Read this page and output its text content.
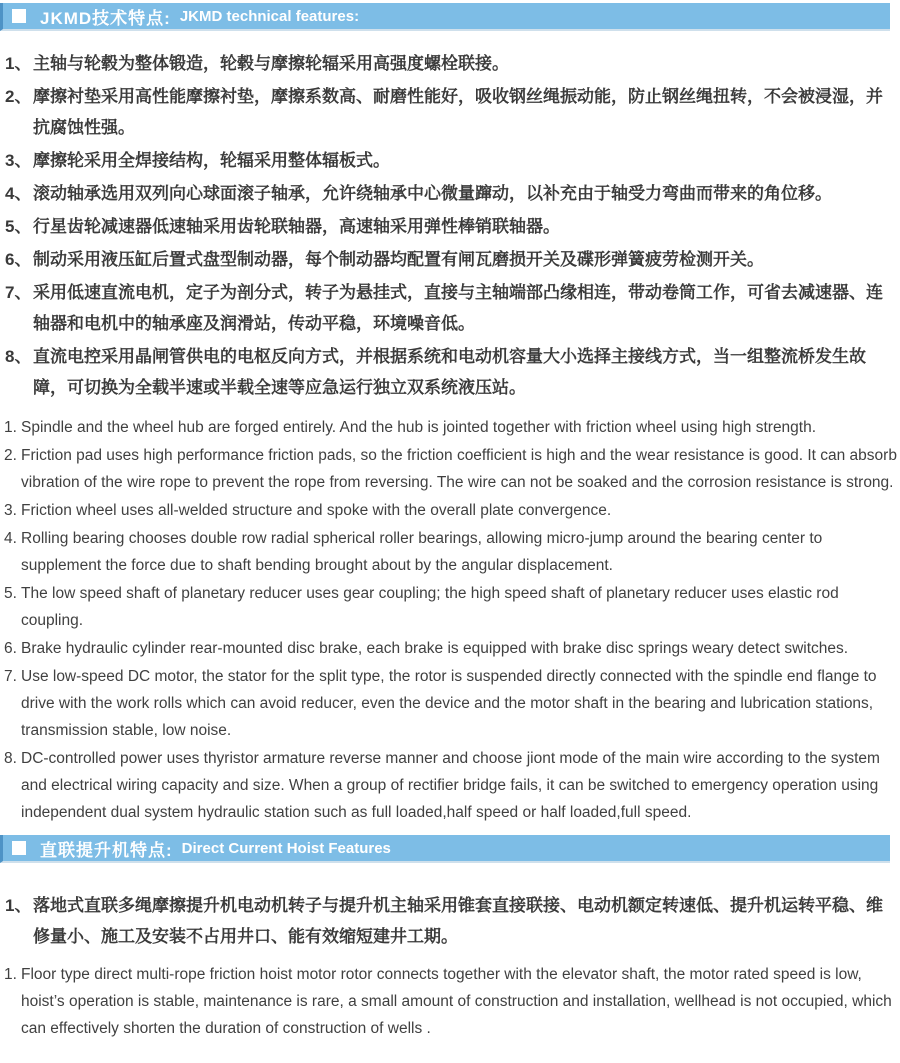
JKMD技术特点: JKMD technical features:
1、 主轴与轮毂为整体锻造，轮毂与摩擦轮辐采用高强度螺栓联接。
2、 摩擦衬垫采用高性能摩擦衬垫，摩擦系数高、耐磨性能好，吸收钢丝绳振动能，防止钢丝绳扭转，不会被浸湿，并抗腐蚀性强。
3、 摩擦轮采用全焊接结构，轮辐采用整体辐板式。
4、 滚动轴承选用双列向心球面滚子轴承，允许绕轴承中心微量蹿动，以补充由于轴受力弯曲而带来的角位移。
5、 行星齿轮减速器低速轴采用齿轮联轴器，高速轴采用弹性棒销联轴器。
6、 制动采用液压缸后置式盘型制动器，每个制动器均配置有闸瓦磨损开关及碟形弹簧疲劳检测开关。
7、 采用低速直流电机，定子为剖分式，转子为悬挂式，直接与主轴端部凸缘相连，带动卷筒工作，可省去减速器、连轴器和电机中的轴承座及润滑站，传动平稳，环境噪音低。
8、 直流电控采用晶闸管供电的电枢反向方式，并根据系统和电动机容量大小选择主接线方式，当一组整流桥发生故障，可切换为全载半速或半载全速等应急运行独立双系统液压站。
1. Spindle and the wheel hub are forged entirely. And the hub is jointed together with friction wheel using high strength.
2. Friction pad uses high performance friction pads, so the friction coefficient is high and the wear resistance is good. It can absorb vibration of the wire rope to prevent the rope from reversing. The wire can not be soaked and the corrosion resistance is strong.
3. Friction wheel uses all-welded structure and spoke with the overall plate convergence.
4. Rolling bearing chooses double row radial spherical roller bearings, allowing micro-jump around the bearing center to supplement the force due to shaft bending brought about by the angular displacement.
5. The low speed shaft of planetary reducer uses gear coupling; the high speed shaft of planetary reducer uses elastic rod coupling.
6. Brake hydraulic cylinder rear-mounted disc brake, each brake is equipped with brake disc springs weary detect switches.
7. Use low-speed DC motor, the stator for the split type, the rotor is suspended directly connected with the spindle end flange to drive with the work rolls which can avoid reducer, even the device and the motor shaft in the bearing and lubrication stations, transmission stable, low noise.
8. DC-controlled power uses thyristor armature reverse manner and choose jiont mode of the main wire according to the system and electrical wiring capacity and size. When a group of rectifier bridge fails, it can be switched to emergency operation using independent dual system hydraulic station such as full loaded,half speed or half loaded,full speed.
直联提升机特点: Direct Current Hoist Features
1、 落地式直联多绳摩擦提升机电动机转子与提升机主轴采用锥套直接联接、电动机额定转速低、提升机运转平稳、维修量小、施工及安装不占用井口、能有效缩短建井工期。
1. Floor type direct multi-rope friction hoist motor rotor connects together with the elevator shaft, the motor rated speed is low, hoist’s operation is stable, maintenance is rare, a small amount of construction and installation, wellhead is not occupied, which can effectively shorten the duration of construction of wells .
